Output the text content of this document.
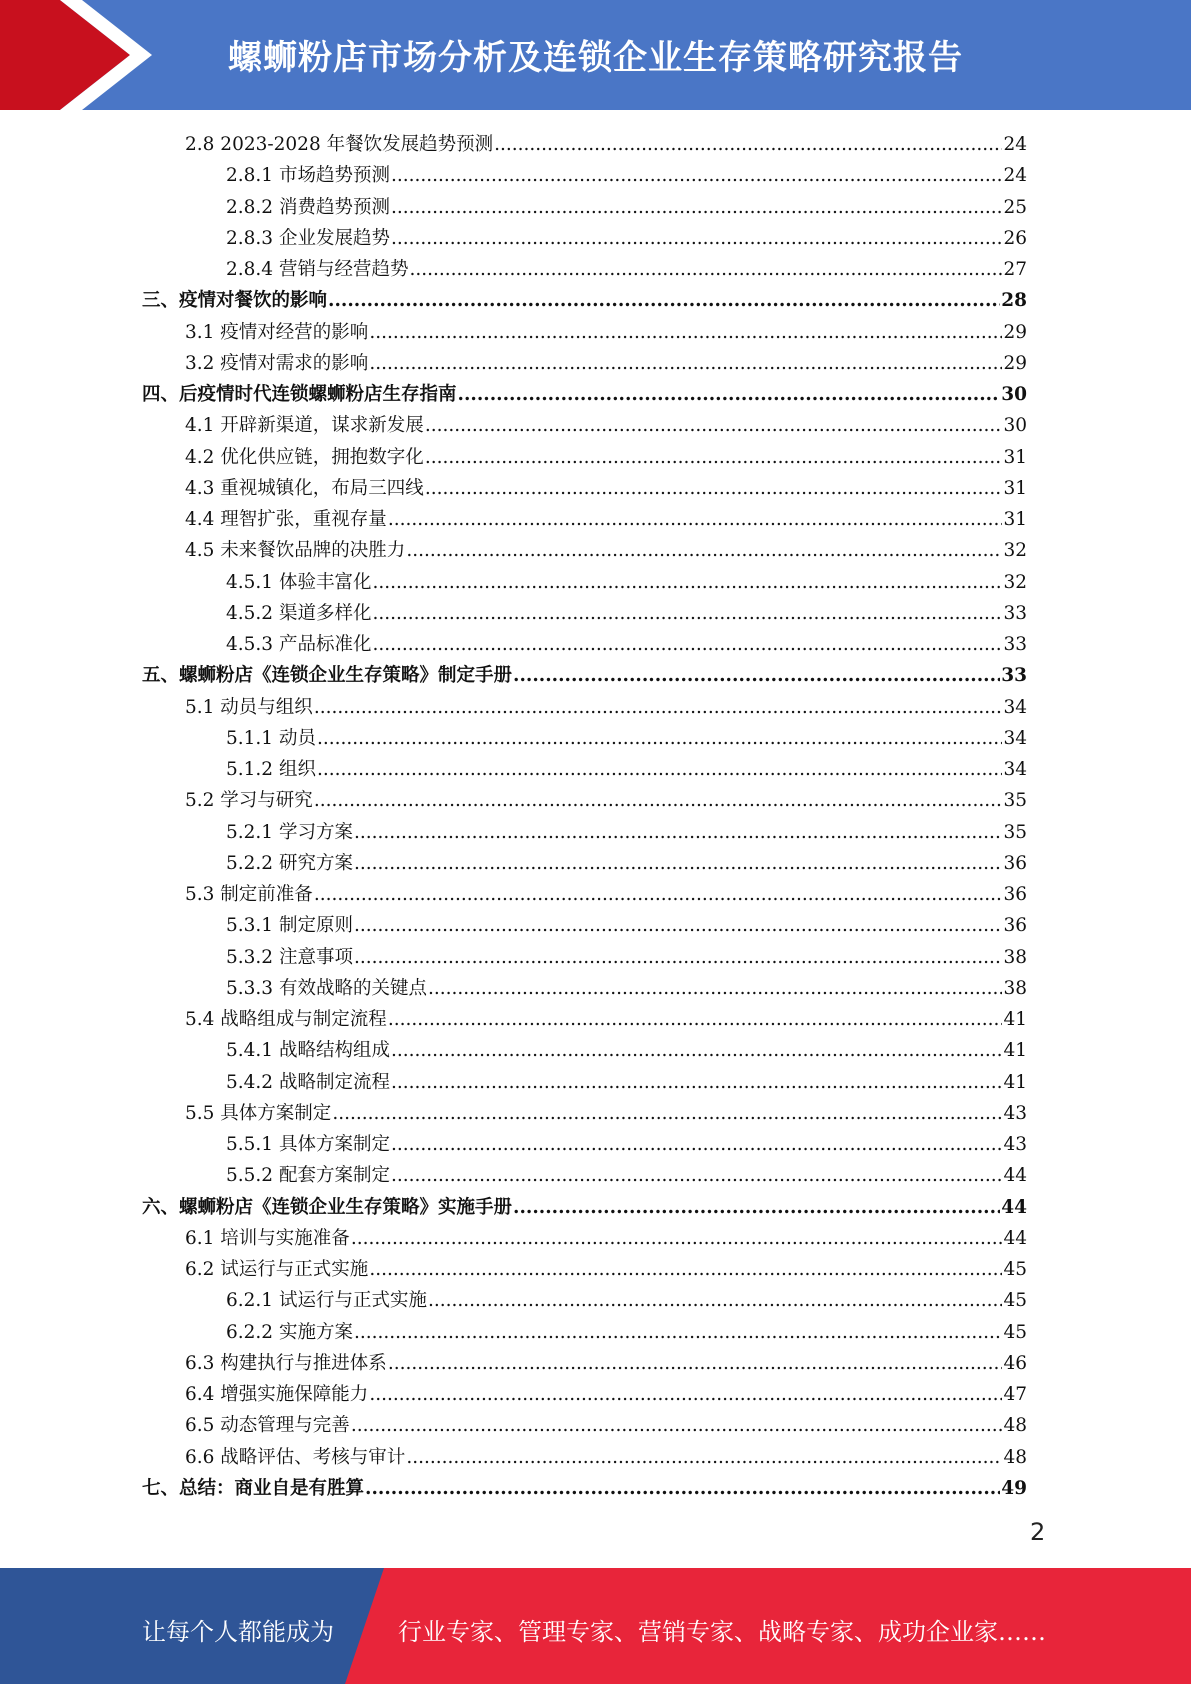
螺蛳粉店市场分析及连锁企业生存策略研究报告
2.8 2023-2028 年餐饮发展趋势预测 .....	24
2.8.1 市场趋势预测 .....	24
2.8.2 消费趋势预测 .....	25
2.8.3 企业发展趋势 .....	26
2.8.4 营销与经营趋势 .....	27
三、疫情对餐饮的影响 .....	28
3.1 疫情对经营的影响 .....	29
3.2 疫情对需求的影响 .....	29
四、后疫情时代连锁螺蛳粉店生存指南 .....	30
4.1 开辟新渠道，谋求新发展 .....	30
4.2 优化供应链，拥抱数字化 .....	31
4.3 重视城镇化，布局三四线 .....	31
4.4 理智扩张，重视存量 .....	31
4.5 未来餐饮品牌的决胜力 .....	32
4.5.1 体验丰富化 .....	32
4.5.2 渠道多样化 .....	33
4.5.3 产品标准化 .....	33
五、螺蛳粉店《连锁企业生存策略》制定手册 .....	33
5.1 动员与组织 .....	34
5.1.1 动员 .....	34
5.1.2 组织 .....	34
5.2 学习与研究 .....	35
5.2.1 学习方案 .....	35
5.2.2 研究方案 .....	36
5.3 制定前准备 .....	36
5.3.1 制定原则 .....	36
5.3.2 注意事项 .....	38
5.3.3 有效战略的关键点 .....	38
5.4 战略组成与制定流程 .....	41
5.4.1 战略结构组成 .....	41
5.4.2 战略制定流程 .....	41
5.5 具体方案制定 .....	43
5.5.1 具体方案制定 .....	43
5.5.2 配套方案制定 .....	44
六、螺蛳粉店《连锁企业生存策略》实施手册 .....	44
6.1 培训与实施准备 .....	44
6.2 试运行与正式实施 .....	45
6.2.1 试运行与正式实施 .....	45
6.2.2 实施方案 .....	45
6.3 构建执行与推进体系 .....	46
6.4 增强实施保障能力 .....	47
6.5 动态管理与完善 .....	48
6.6 战略评估、考核与审计 .....	48
七、总结：商业自是有胜算 .....	49
2
让每个人都能成为	行业专家、管理专家、营销专家、战略专家、成功企业家……
